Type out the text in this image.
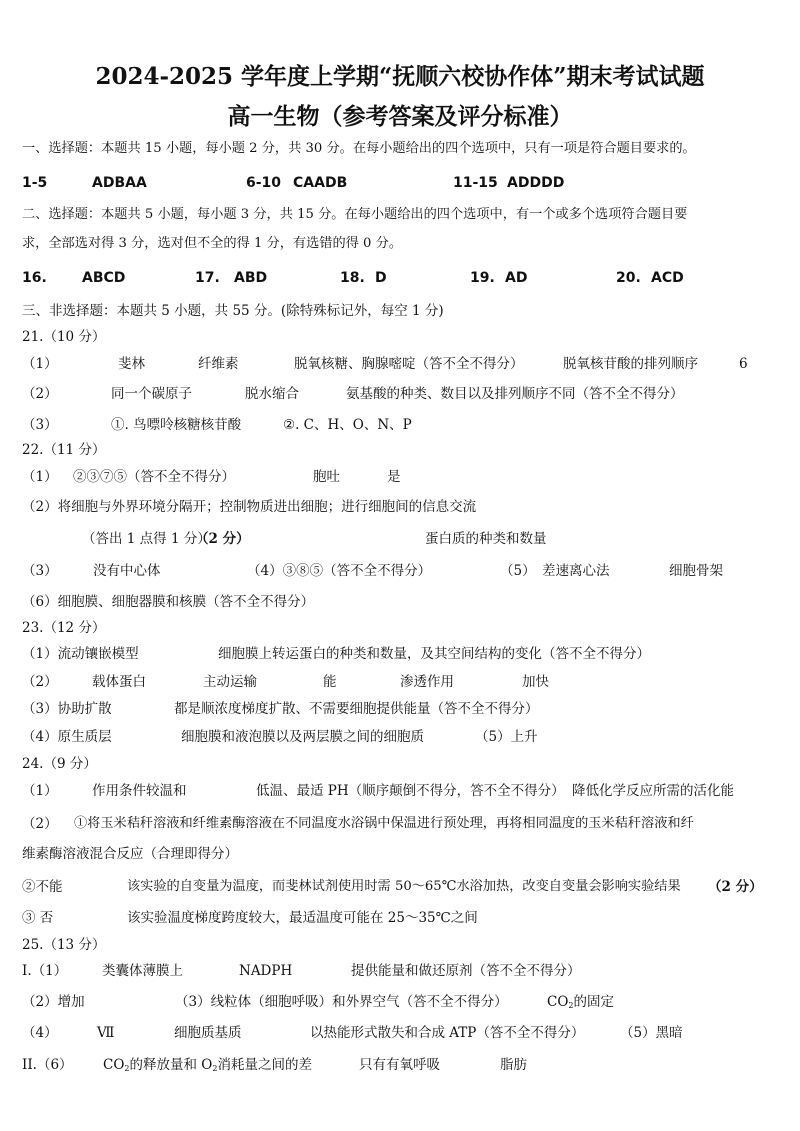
2024-2025 学年度上学期“抚顺六校协作体”期末考试试题
高一生物（参考答案及评分标准）
一、选择题：本题共 15 小题，每小题 2 分，共 30 分。在每小题给出的四个选项中，只有一项是符合题目要求的。
1-5	ADBAA	6-10 CAADB	11-15 ADDDD
二、选择题：本题共 5 小题，每小题 3 分，共 15 分。在每小题给出的四个选项中，有一个或多个选项符合题目要
求，全部选对得 3 分，选对但不全的得 1 分，有选错的得 0 分。
16.	ABCD	17. ABD	18. D	19. AD	20. ACD
三、非选择题：本题共 5 小题，共 55 分。(除特殊标记外，每空 1 分)
21.（10 分）
（1）	斐林	纤维素	脱氧核糖、胸腺嘧啶（答不全不得分）	脱氧核苷酸的排列顺序	6
（2）	同一个碳原子	脱水缩合	氨基酸的种类、数目以及排列顺序不同（答不全不得分）
（3）	①. 鸟嘌呤核糖核苷酸	②. C、H、O、N、P
22.（11 分）
（1） ②③⑦⑤（答不全不得分）	胞吐	是
（2）将细胞与外界环境分隔开；控制物质进出细胞；进行细胞间的信息交流
（答出 1 点得 1 分）
（2 分）	蛋白质的种类和数量
（3）	没有中心体	（4）③⑧⑤（答不全不得分）	（5） 差速离心法	细胞骨架
（6）细胞膜、细胞器膜和核膜（答不全不得分）
23.（12 分）
（1）流动镶嵌模型	细胞膜上转运蛋白的种类和数量，及其空间结构的变化（答不全不得分）
（2）	载体蛋白	主动运输	能	渗透作用	加快
（3）协助扩散	都是顺浓度梯度扩散、不需要细胞提供能量（答不全不得分）
（4）原生质层	细胞膜和液泡膜以及两层膜之间的细胞质	（5）上升
24.（9 分）
（1）	作用条件较温和	低温、最适 PH（顺序颠倒不得分，答不全不得分） 降低化学反应所需的活化能
（2） ①将玉米秸秆溶液和纤维素酶溶液在不同温度水浴锅中保温进行预处理，再将相同温度的玉米秸秆溶液和纤
维素酶溶液混合反应（合理即得分）
②不能	该实验的自变量为温度，而斐林试剂使用时需 50～65℃水浴加热，改变自变量会影响实验结果 （2 分）
③ 否	该实验温度梯度跨度较大，最适温度可能在 25～35℃之间
25.（13 分）
I.（1）	类囊体薄膜上	NADPH	提供能量和做还原剂（答不全不得分）
（2）增加	（3）线粒体（细胞呼吸）和外界空气（答不全不得分）	$CO_2$的固定
（4）	Ⅶ	细胞质基质	以热能形式散失和合成 ATP（答不全不得分）	（5）黑暗
II.（6） $CO_2$的释放量和 $O_2$消耗量之间的差	只有有氧呼吸	脂肪
